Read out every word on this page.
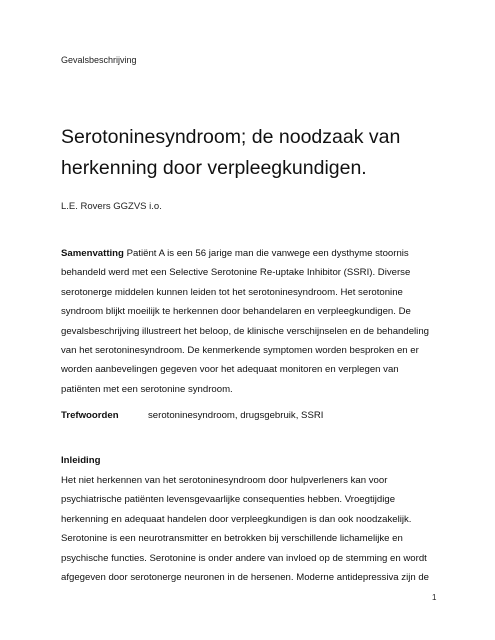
Gevalsbeschrijving
Serotoninesyndroom; de noodzaak van
herkenning door verpleegkundigen.
L.E. Rovers GGZVS i.o.

Samenvatting Patiënt A is een 56 jarige man die vanwege een dysthyme stoornis
behandeld werd met een Selective Serotonine Re-uptake Inhibitor (SSRI). Diverse
serotonerge middelen kunnen leiden tot het serotoninesyndroom. Het serotonine
syndroom blijkt moeilijk te herkennen door behandelaren en verpleegkundigen. De
gevalsbeschrijving illustreert het beloop, de klinische verschijnselen en de behandeling
van het serotoninesyndroom. De kenmerkende symptomen worden besproken en er
worden aanbevelingen gegeven voor het adequaat monitoren en verplegen van
patiënten met een serotonine syndroom.

Trefwoorden	serotoninesyndroom, drugsgebruik, SSRI
Inleiding

Het niet herkennen van het serotoninesyndroom door hulpverleners kan voor
psychiatrische patiënten levensgevaarlijke consequenties hebben. Vroegtijdige
herkenning en adequaat handelen door verpleegkundigen is dan ook noodzakelijk.
Serotonine is een neurotransmitter en betrokken bij verschillende lichamelijke en
psychische functies. Serotonine is onder andere van invloed op de stemming en wordt
afgegeven door serotonerge neuronen in de hersenen. Moderne antidepressiva zijn de

1
